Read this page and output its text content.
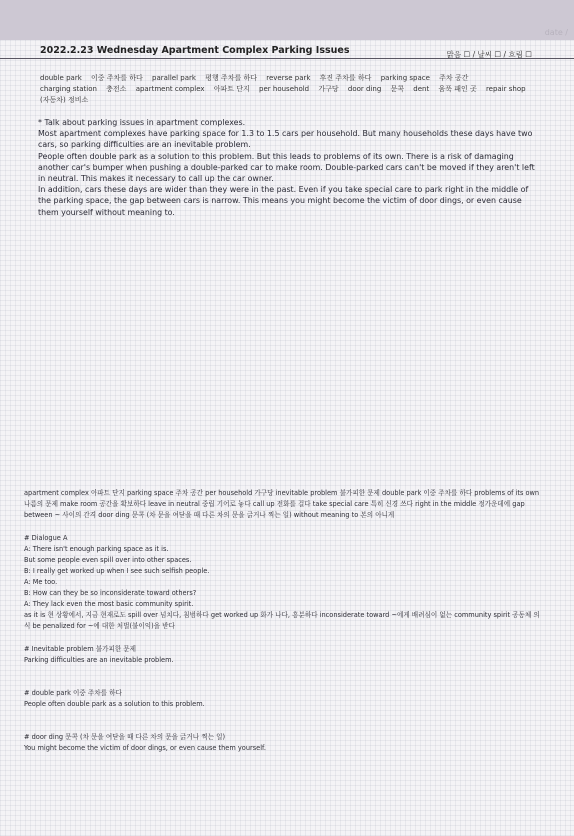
date /
2022.2.23 Wednesday Apartment Complex Parking Issues	맑음 ☐ / 날씨 ☐ / 흐림 ☐
double park 이중 주차를 하다 parallel park 평행 주차를 하다 reverse park 후진 주차를 하다 parking space 주차 공간 charging station 충전소 apartment complex 아파트 단지 per household 가구당 door ding 문콕 dent 움푹 패인 곳 repair shop (자동차) 정비소

* Talk about parking issues in apartment complexes.

Most apartment complexes have parking space for 1.3 to 1.5 cars per household. But many households these days have two cars, so parking difficulties are an inevitable problem.

People often double park as a solution to this problem. But this leads to problems of its own. There is a risk of damaging another car's bumper when pushing a double-parked car to make room. Double-parked cars can't be moved if they aren't left in neutral. This makes it necessary to call up the car owner.

In addition, cars these days are wider than they were in the past. Even if you take special care to park right in the middle of the parking space, the gap between cars is narrow. This means you might become the victim of door dings, or even cause them yourself without meaning to.

apartment complex 아파트 단지 parking space 주차 공간 per household 가구당 inevitable problem 불가피한 문제 double park 이중 주차를 하다 problems of its own 나름의 문제 make room 공간을 확보하다 leave in neutral 중립 기어로 놓다 call up 전화를 걸다 take special care 특히 신경 쓰다 right in the middle 정가운데에 gap between ~ 사이의 간격 door ding 문콕 (차 문을 여닫을 때 다른 차의 문을 긁거나 찍는 일) without meaning to 본의 아니게

# Dialogue A

A: There isn't enough parking space as it is.

But some people even spill over into other spaces.

B: I really get worked up when I see such selfish people.

A: Me too.

B: How can they be so inconsiderate toward others?

A: They lack even the most basic community spirit.

as it is 현 상황에서, 지금 현재로도 spill over 넘치다, 침범하다 get worked up 화가 나다, 흥분하다 inconsiderate toward ~에게 배려심이 없는 community spirit 공동체 의식 be penalized for ~에 대한 처벌(불이익)을 받다

# Inevitable problem 불가피한 문제

Parking difficulties are an inevitable problem.

# double park 이중 주차를 하다

People often double park as a solution to this problem.

# door ding 문콕 (차 문을 여닫을 때 다른 차의 문을 긁거나 찍는 일)

You might become the victim of door dings, or even cause them yourself.
